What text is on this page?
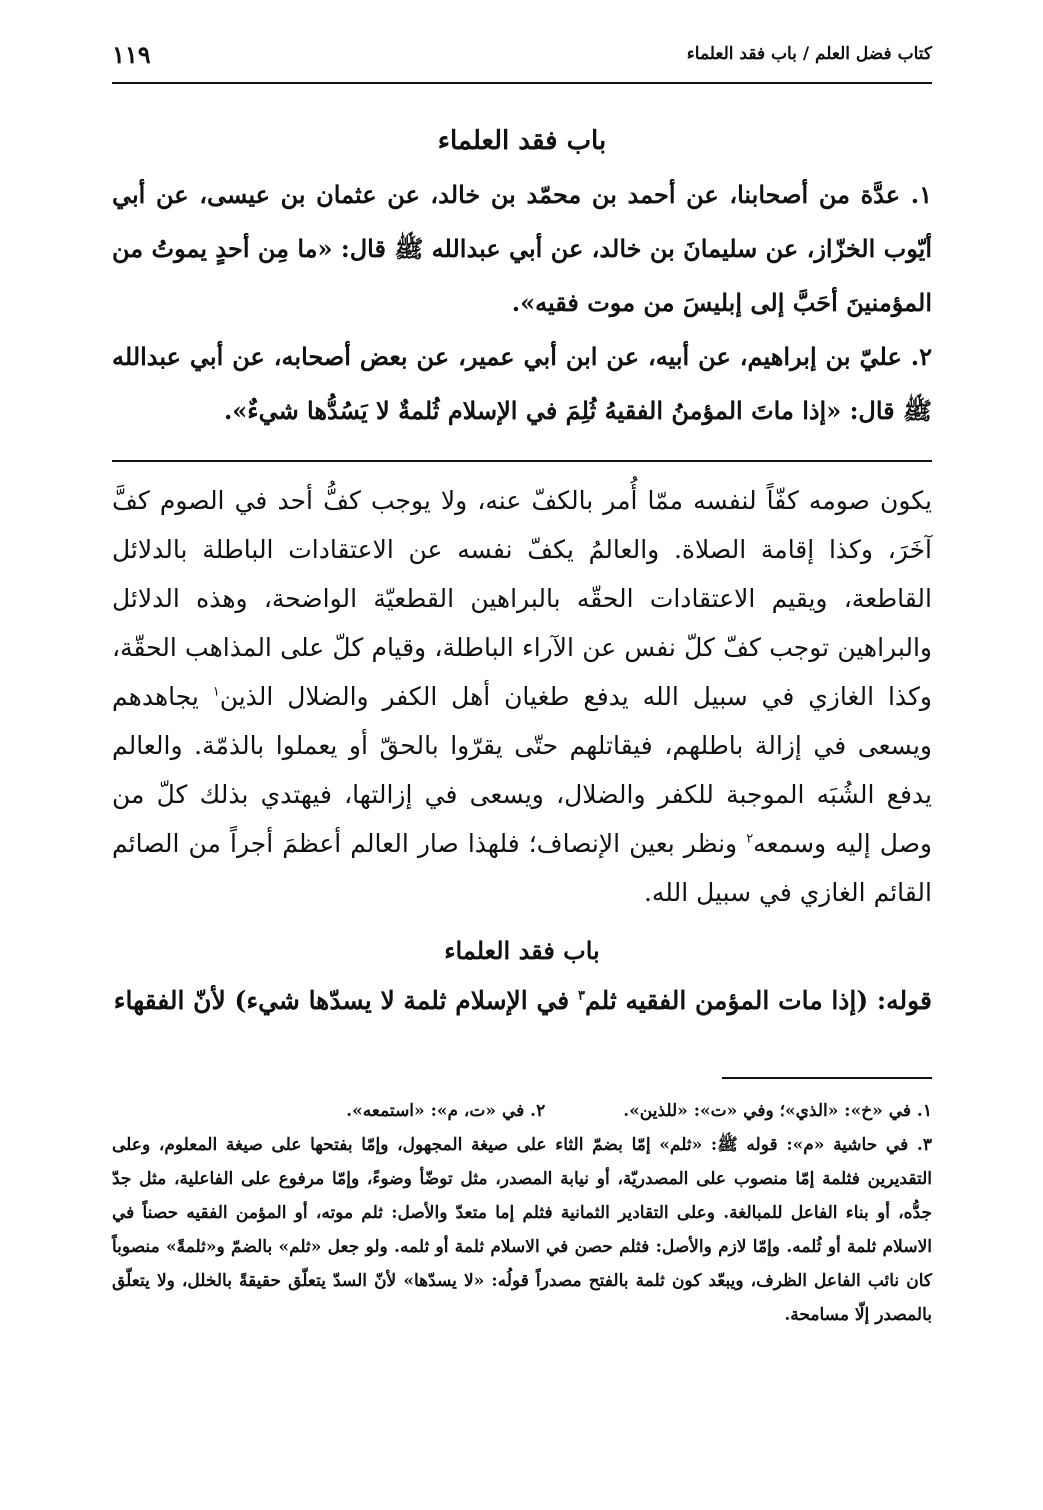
كتاب فضل العلم / باب فقد العلماء
١١٩
باب فقد العلماء

١. عدَّة من أصحابنا، عن أحمد بن محمّد بن خالد، عن عثمان بن عيسى، عن أبي أيّوب الخزّاز، عن سليمانَ بن خالد، عن أبي عبدالله ﷺ قال: «ما مِن أحدٍ يموتُ من المؤمنينَ أحَبَّ إلى إبليسَ من موت فقيه».

٢. عليّ بن إبراهيم، عن أبيه، عن ابن أبي عمير، عن بعض أصحابه، عن أبي عبدالله ﷺ قال: «إذا ماتَ المؤمنُ الفقيهُ ثُلِمَ في الإسلام ثُلمةٌ لا يَسُدُّها شيءٌ».

يكون صومه كفّاً لنفسه ممّا أُمر بالكفّ عنه، ولا يوجب كفُّ أحد في الصوم كفَّ آخَرَ، وكذا إقامة الصلاة. والعالمُ يكفّ نفسه عن الاعتقادات الباطلة بالدلائل القاطعة، ويقيم الاعتقادات الحقّه بالبراهين القطعيّة الواضحة، وهذه الدلائل والبراهين توجب كفّ كلّ نفس عن الآراء الباطلة، وقيام كلّ على المذاهب الحقّة، وكذا الغازي في سبيل الله يدفع طغيان أهل الكفر والضلال الذين$^١$ يجاهدهم ويسعى في إزالة باطلهم، فيقاتلهم حتّى يقرّوا بالحقّ أو يعملوا بالذمّة. والعالم يدفع الشُبَه الموجبة للكفر والضلال، ويسعى في إزالتها، فيهتدي بذلك كلّ من وصل إليه وسمعه$^٢$ ونظر بعين الإنصاف؛ فلهذا صار العالم أعظمَ أجراً من الصائم القائم الغازي في سبيل الله.

باب فقد العلماء
قوله: (إذا مات المؤمن الفقيه ثلم$^٣$ في الإسلام ثلمة لا يسدّها شيء) لأنّ الفقهاء
١. في «خ»: «الذي»؛ وفي «ت»: «للذين».
٢. في «ت، م»: «استمعه».
٣. في حاشية «م»: قوله ﷺ: «ثلم» إمّا بضمّ الثاء على صيغة المجهول، وإمّا بفتحها على صيغة المعلوم، وعلى التقديرين فثلمة إمّا منصوب على المصدريّة، أو نيابة المصدر، مثل توضّأ وضوءً، وإمّا مرفوع على الفاعلية، مثل جدّ جدُّه، أو بناء الفاعل للمبالغة. وعلى التقادير الثمانية فثلم إما متعدّ والأصل: ثلم موته، أو المؤمن الفقيه حصناً في الاسلام ثلمة أو ثُلمه. وإمّا لازم والأصل: فثلم حصن في الاسلام ثلمة أو ثلمه. ولو جعل «ثلم» بالضمّ و«ثلمةً» منصوباً كان نائب الفاعل الظرف، ويبعّد كون ثلمة بالفتح مصدراً قولُه: «لا يسدّها» لأنّ السدّ يتعلّق حقيقةً بالخلل، ولا يتعلّق بالمصدر إلّا مسامحة.
